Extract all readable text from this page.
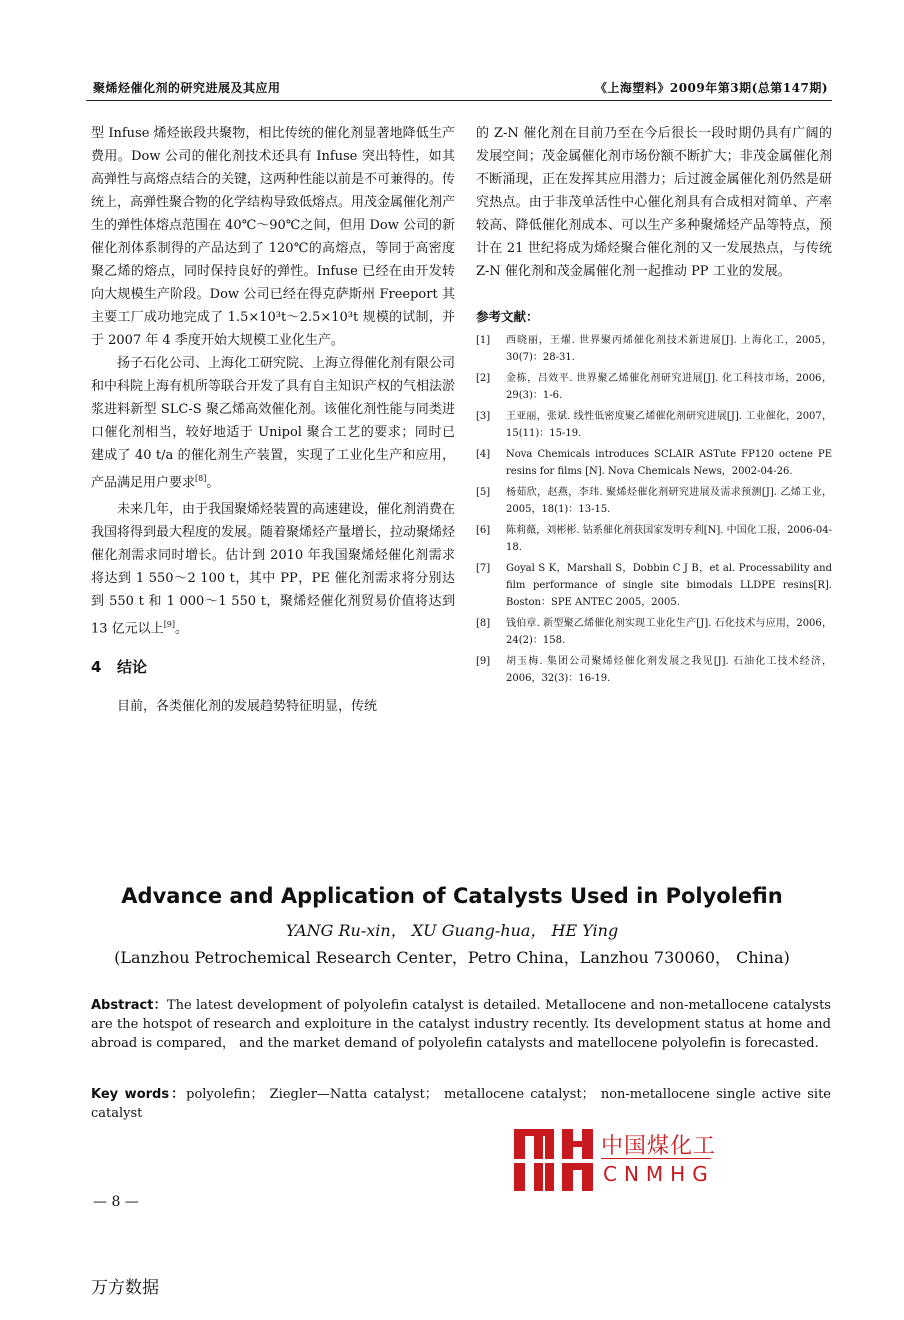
聚烯烃催化剂的研究进展及其应用	《上海塑料》2009年第3期(总第147期)

型 Infuse 烯烃嵌段共聚物，相比传统的催化剂显著地降低生产费用。Dow 公司的催化剂技术还具有 Infuse 突出特性，如其高弹性与高熔点结合的关键，这两种性能以前是不可兼得的。传统上，高弹性聚合物的化学结构导致低熔点。用茂金属催化剂产生的弹性体熔点范围在 40℃～90℃之间，但用 Dow 公司的新催化剂体系制得的产品达到了 120℃的高熔点，等同于高密度聚乙烯的熔点，同时保持良好的弹性。Infuse 已经在由开发转向大规模生产阶段。Dow 公司已经在得克萨斯州 Freeport 其主要工厂成功地完成了 1.5×10³t～2.5×10³t 规模的试制，并于 2007 年 4 季度开始大规模工业化生产。

扬子石化公司、上海化工研究院、上海立得催化剂有限公司和中科院上海有机所等联合开发了具有自主知识产权的气相法淤浆进料新型 SLC-S 聚乙烯高效催化剂。该催化剂性能与同类进口催化剂相当，较好地适于 Unipol 聚合工艺的要求；同时已建成了 40 t/a 的催化剂生产装置，实现了工业化生产和应用，产品满足用户要求[8]。

未来几年，由于我国聚烯烃装置的高速建设，催化剂消费在我国将得到最大程度的发展。随着聚烯烃产量增长，拉动聚烯烃催化剂需求同时增长。估计到 2010 年我国聚烯烃催化剂需求将达到 1 550～2 100 t，其中 PP，PE 催化剂需求将分别达到 550 t 和 1 000～1 550 t，聚烯烃催化剂贸易价值将达到 13 亿元以上[9]。

4 结论

目前，各类催化剂的发展趋势特征明显，传统

的 Z-N 催化剂在目前乃至在今后很长一段时期仍具有广阔的发展空间；茂金属催化剂市场份额不断扩大；非茂金属催化剂不断涌现，正在发挥其应用潜力；后过渡金属催化剂仍然是研究热点。由于非茂单活性中心催化剂具有合成相对简单、产率较高、降低催化剂成本、可以生产多种聚烯烃产品等特点，预计在 21 世纪将成为烯烃聚合催化剂的又一发展热点，与传统 Z-N 催化剂和茂金属催化剂一起推动 PP 工业的发展。

参考文献：

[1]	西晓丽，王燿. 世界聚丙烯催化剂技术新进展[J]. 上海化工，2005，30(7)：28-31.
[2]	金栋，吕效平. 世界聚乙烯催化剂研究进展[J]. 化工科技市场，2006，29(3)：1-6.
[3]	王亚丽，张斌. 线性低密度聚乙烯催化剂研究进展[J]. 工业催化，2007，15(11)：15-19.
[4]	Nova Chemicals introduces SCLAIR ASTute FP120 octene PE resins for films [N]. Nova Chemicals News，2002-04-26.
[5]	杨茹欣，赵燕，李玮. 聚烯烃催化剂研究进展及需求预测[J]. 乙烯工业，2005，18(1)：13-15.
[6]	陈莉薇，刘彬彬. 钴系催化剂获国家发明专利[N]. 中国化工报，2006-04-18.
[7]	Goyal S K，Marshall S，Dobbin C J B，et al. Processability and film performance of single site bimodals LLDPE resins[R]. Boston：SPE ANTEC 2005，2005.
[8]	钱伯章. 新型聚乙烯催化剂实现工业化生产[J]. 石化技术与应用，2006，24(2)：158.
[9]	胡玉梅. 集团公司聚烯烃催化剂发展之我见[J]. 石油化工技术经济，2006，32(3)：16-19.
Advance and Application of Catalysts Used in Polyolefin
YANG Ru-xin， XU Guang-hua， HE Ying
(Lanzhou Petrochemical Research Center，Petro China，Lanzhou 730060， China)
Abstract：The latest development of polyolefin catalyst is detailed. Metallocene and non-metallocene catalysts are the hotspot of research and exploiture in the catalyst industry recently. Its development status at home and abroad is compared， and the market demand of polyolefin catalysts and matellocene polyolefin is forecasted.
Key words：polyolefin； Ziegler—Natta catalyst； metallocene catalyst； non-metallocene single active site catalyst
中国煤化工
CNMHG
— 8 —
万方数据
